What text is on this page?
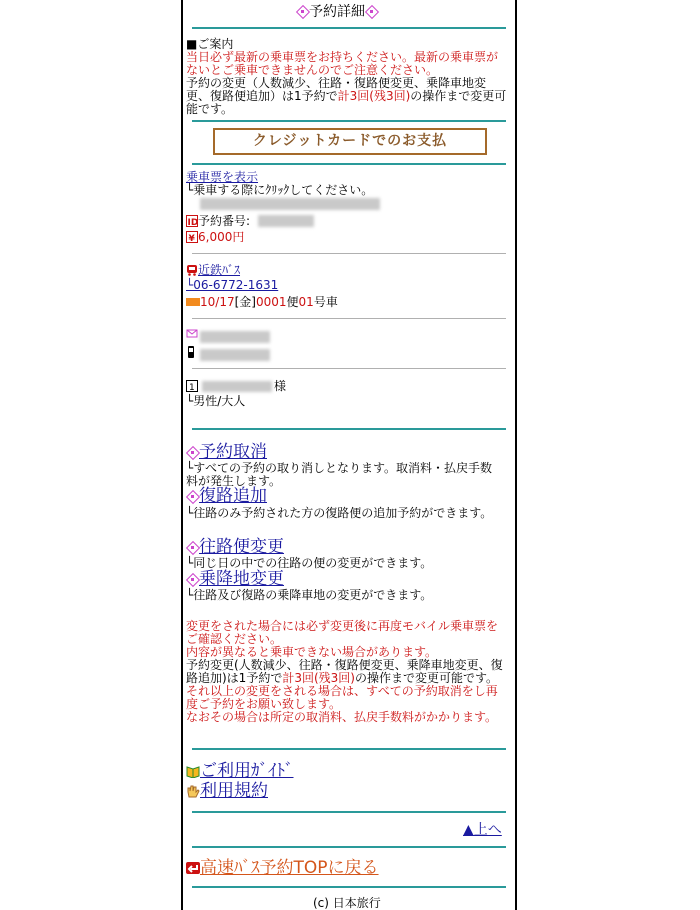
予約詳細
■ご案内
当日必ず最新の乗車票をお持ちください。最新の乗車票が
ないとご乗車できませんのでご注意ください。
予約の変更（人数減少、往路・復路便変更、乗降車地変
更、復路便追加）は1予約で計3回(残3回)の操作まで変更可
能です。
クレジットカードでのお支払
乗車票を表示
└乗車する際にｸﾘｯｸしてください。
ID 予約番号:
¥ 6,000円
近鉄ﾊﾞｽ
└06-6772-1631
10/17[金]0001便01号車
1	様
└男性/大人
予約取消
└すべての予約の取り消しとなります。取消料・払戻手数
料が発生します。
復路追加
└往路のみ予約された方の復路便の追加予約ができます。
往路便変更
└同じ日の中での往路の便の変更ができます。
乗降地変更
└往路及び復路の乗降車地の変更ができます。
変更をされた場合には必ず変更後に再度モバイル乗車票を
ご確認ください。
内容が異なると乗車できない場合があります。
予約変更(人数減少、往路・復路便変更、乗降車地変更、復
路追加)は1予約で計3回(残3回)の操作まで変更可能です。
それ以上の変更をされる場合は、すべての予約取消をし再
度ご予約をお願い致します。
なおその場合は所定の取消料、払戻手数料がかかります。
ご利用ｶﾞｲﾄﾞ
利用規約
▲上へ
高速ﾊﾞｽ予約TOPに戻る
(c) 日本旅行
